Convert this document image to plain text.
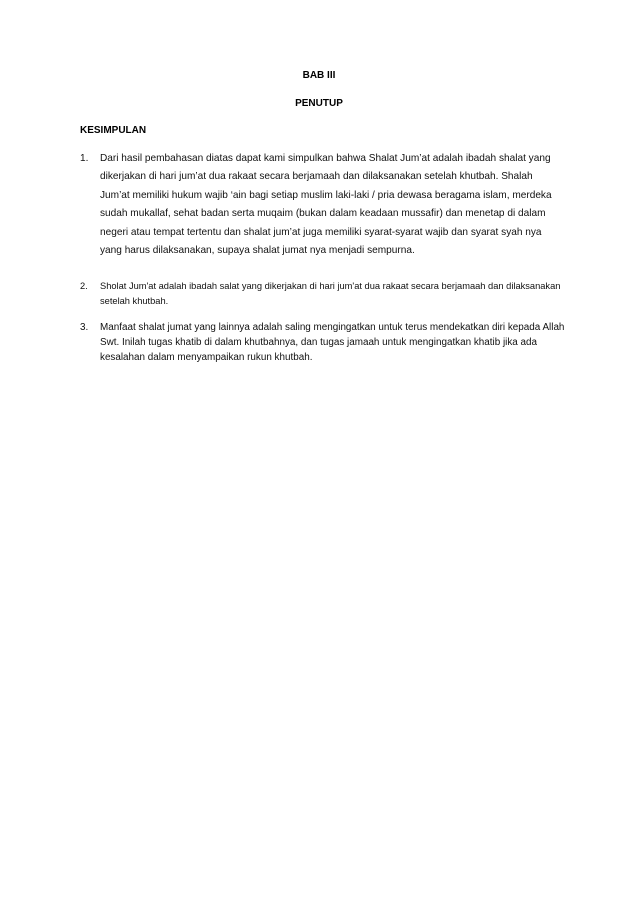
BAB III
PENUTUP
KESIMPULAN
1.	Dari hasil pembahasan diatas dapat kami simpulkan bahwa Shalat Jum’at adalah ibadah shalat yang dikerjakan di hari jum’at dua rakaat secara berjamaah dan dilaksanakan setelah khutbah. Shalah Jum’at memiliki hukum wajib ‘ain bagi setiap muslim laki-laki / pria dewasa beragama islam, merdeka sudah mukallaf, sehat badan serta muqaim (bukan dalam keadaan mussafir) dan menetap di dalam negeri atau tempat tertentu dan shalat jum’at juga memiliki syarat-syarat wajib dan syarat syah nya yang harus dilaksanakan, supaya shalat jumat nya menjadi sempurna.
2.	Sholat Jum'at adalah ibadah salat yang dikerjakan di hari jum'at dua rakaat secara berjamaah dan dilaksanakan setelah khutbah.
3.	Manfaat shalat jumat yang lainnya adalah saling mengingatkan untuk terus mendekatkan diri kepada Allah Swt. Inilah tugas khatib di dalam khutbahnya, dan tugas jamaah untuk mengingatkan khatib jika ada kesalahan dalam menyampaikan rukun khutbah.
